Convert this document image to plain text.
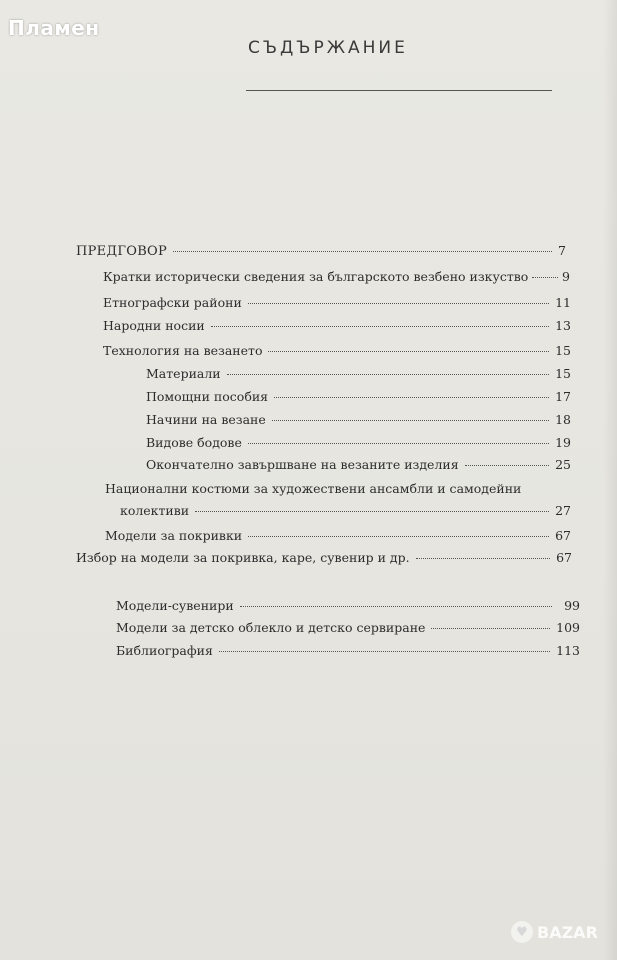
Пламен
СЪДЪРЖАНИЕ
ПРЕДГОВОР	7
Кратки исторически сведения за българското везбено изкуство	9
Етнографски райони	11
Народни носии	13
Технология на везането	15
Материали	15
Помощни пособия	17
Начини на везане	18
Видове бодове	19
Окончателно завършване на везаните изделия	25
Национални костюми за художествени ансамбли и самодейни
колективи	27
Модели за покривки	67
Избор на модели за покривка, каре, сувенир и др.	67
Модели-сувенири	99
Модели за детско облекло и детско сервиране	109
Библиография	113
♥ BAZAR
